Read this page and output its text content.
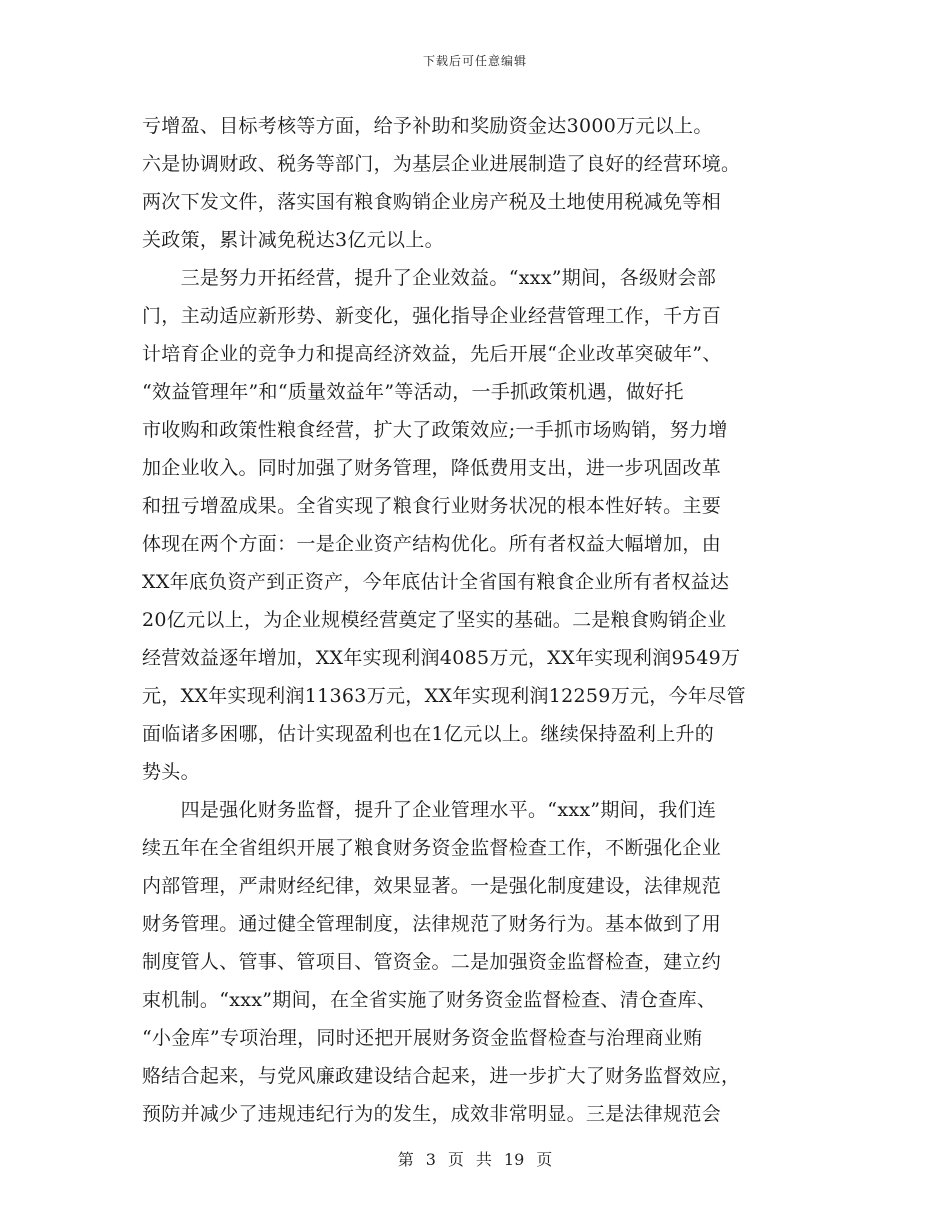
下载后可任意编辑
亏增盈、目标考核等方面，给予补助和奖励资金达3000万元以上。
六是协调财政、税务等部门，为基层企业进展制造了良好的经营环境。
两次下发文件，落实国有粮食购销企业房产税及土地使用税减免等相
关政策，累计减免税达3亿元以上。
　　三是努力开拓经营，提升了企业效益。“xxx”期间，各级财会部
门，主动适应新形势、新变化，强化指导企业经营管理工作，千方百
计培育企业的竞争力和提高经济效益，先后开展“企业改革突破年”、
“效益管理年”和“质量效益年”等活动，一手抓政策机遇，做好托
市收购和政策性粮食经营，扩大了政策效应;一手抓市场购销，努力增
加企业收入。同时加强了财务管理，降低费用支出，进一步巩固改革
和扭亏增盈成果。全省实现了粮食行业财务状况的根本性好转。主要
体现在两个方面：一是企业资产结构优化。所有者权益大幅增加，由
XX年底负资产到正资产，今年底估计全省国有粮食企业所有者权益达
20亿元以上，为企业规模经营奠定了坚实的基础。二是粮食购销企业
经营效益逐年增加，XX年实现利润4085万元，XX年实现利润9549万
元，XX年实现利润11363万元，XX年实现利润12259万元，今年尽管
面临诸多困哪，估计实现盈利也在1亿元以上。继续保持盈利上升的
势头。
　　四是强化财务监督，提升了企业管理水平。“xxx”期间，我们连
续五年在全省组织开展了粮食财务资金监督检查工作，不断强化企业
内部管理，严肃财经纪律，效果显著。一是强化制度建设，法律规范
财务管理。通过健全管理制度，法律规范了财务行为。基本做到了用
制度管人、管事、管项目、管资金。二是加强资金监督检查，建立约
束机制。“xxx”期间，在全省实施了财务资金监督检查、清仓查库、
“小金库”专项治理，同时还把开展财务资金监督检查与治理商业贿
赂结合起来，与党风廉政建设结合起来，进一步扩大了财务监督效应，
预防并减少了违规违纪行为的发生，成效非常明显。三是法律规范会
第 3 页 共 19 页
